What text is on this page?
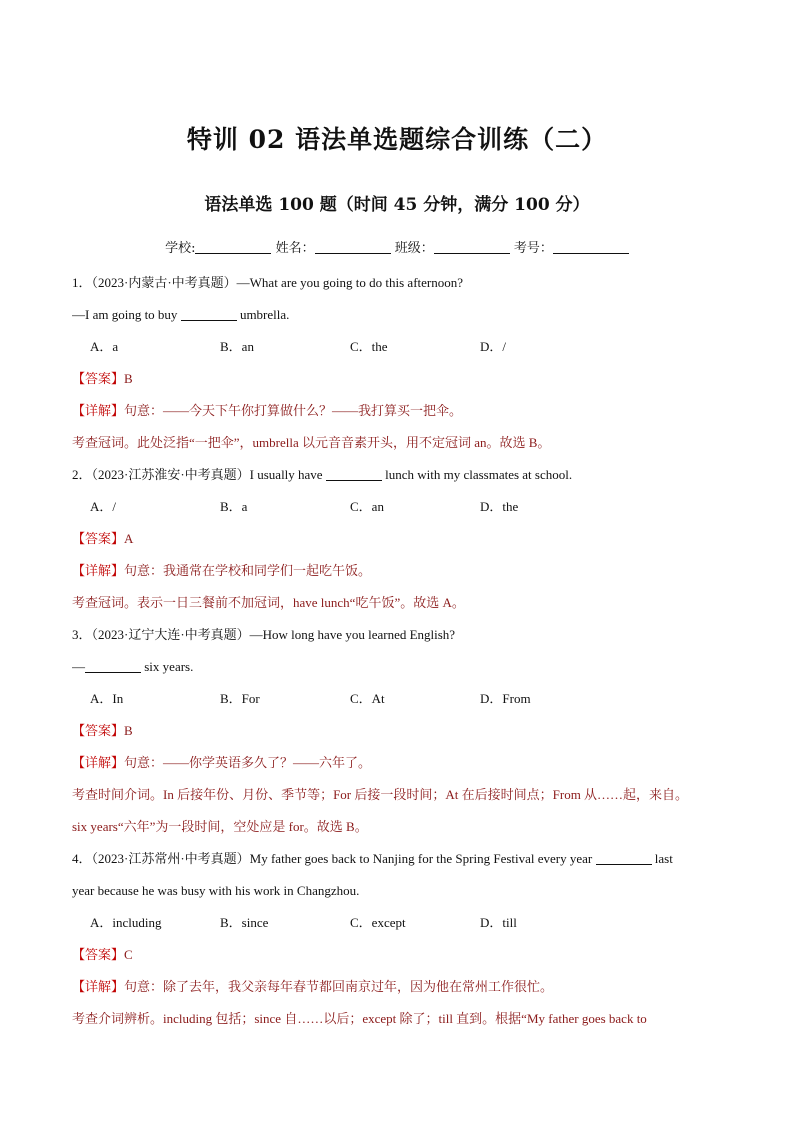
特训 02 语法单选题综合训练（二）
语法单选 100 题（时间 45 分钟，满分 100 分）
学校:	姓名：	班级：	考号：
1．（2023·内蒙古·中考真题）—What are you going to do this afternoon?
—I am going to buy	umbrella.
A．a	B．an	C．the	D．/
【答案】B
【详解】句意：——今天下午你打算做什么？——我打算买一把伞。
考查冠词。此处泛指“一把伞”，umbrella 以元音音素开头，用不定冠词 an。故选 B。
2．（2023·江苏淮安·中考真题）I usually have	lunch with my classmates at school.
A．/	B．a	C．an	D．the
【答案】A
【详解】句意：我通常在学校和同学们一起吃午饭。
考查冠词。表示一日三餐前不加冠词，have lunch“吃午饭”。故选 A。
3．（2023·辽宁大连·中考真题）—How long have you learned English?
—	six years.
A．In	B．For	C．At	D．From
【答案】B
【详解】句意：——你学英语多久了？——六年了。
考查时间介词。In 后接年份、月份、季节等；For 后接一段时间；At 在后接时间点；From 从……起，来自。
six years“六年”为一段时间，空处应是 for。故选 B。
4．（2023·江苏常州·中考真题）My father goes back to Nanjing for the Spring Festival every year	last
year because he was busy with his work in Changzhou.
A．including	B．since	C．except	D．till
【答案】C
【详解】句意：除了去年，我父亲每年春节都回南京过年，因为他在常州工作很忙。
考查介词辨析。including 包括；since 自……以后；except 除了；till 直到。根据“My father goes back to
